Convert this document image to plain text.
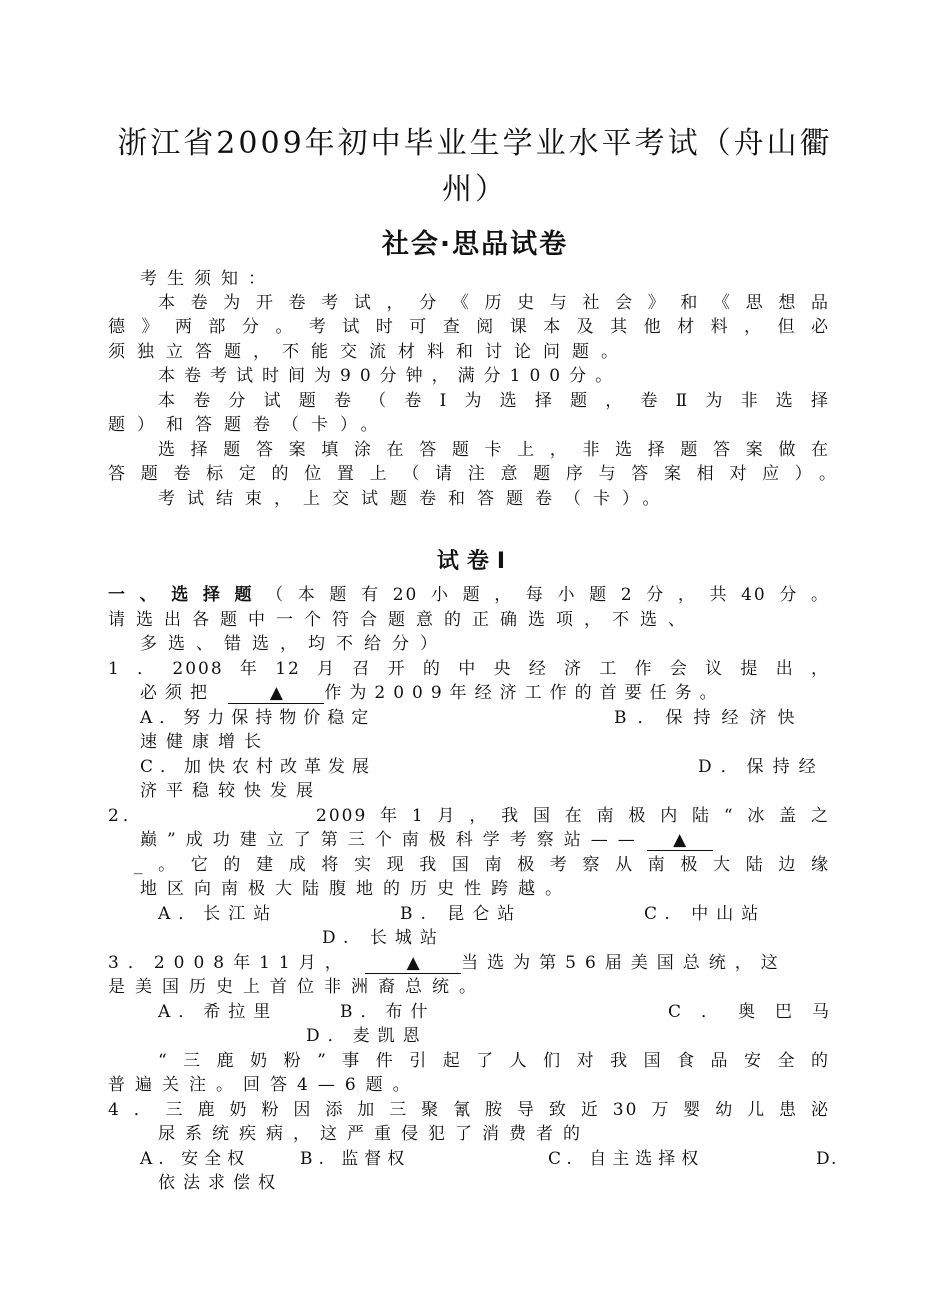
浙江省2009年初中毕业生学业水平考试（舟山衢
州）
社会·思品试卷
考生须知：
本卷为开卷考试，分《历史与社会》和《思想品
德》两部分。考试时可查阅课本及其他材料，但必
须独立答题，不能交流材料和讨论问题。
本卷考试时间为90分钟，满分100分。
本卷分试题卷（卷Ⅰ为选择题，卷Ⅱ为非选择
题）和答题卷（卡）。
选择题答案填涂在答题卡上，非选择题答案做在
答题卷标定的位置上（请注意题序与答案相对应）。
考试结束，上交试题卷和答题卷（卡）。
试卷Ⅰ
一、选择题（本题有20小题，每小题2分，共40分。
请选出各题中一个符合题意的正确选项，不选、
多选、错选，均不给分）
1．2008年12月召开的中央经济工作会议提出，
必须把	▲ 作为2009年经济工作的首要任务。
A．努力保持物价稳定	B．保持经济快
速健康增长
C．加快农村改革发展	D．保持经
济平稳较快发展
2．	2009年1月，我国在南极内陆“冰盖之
巅”成功建立了第三个南极科学考察站—— ▲
_。它的建成将实现我国南极考察从南极大陆边缘
地区向南极大陆腹地的历史性跨越。
A．长江站	B. 昆仑站	C. 中山站
D. 长城站
3．2008年11月，	▲ 当选为第56届美国总统，这
是美国历史上首位非洲裔总统。
A．希拉里	B．布什	C．奥巴马
D．麦凯恩
“三鹿奶粉”事件引起了人们对我国食品安全的
普遍关注。回答4—6题。
4．三鹿奶粉因添加三聚氰胺导致近30万婴幼儿患泌
尿系统疾病，这严重侵犯了消费者的
A. 安全权	B. 监督权	C. 自主选择权	D.
依法求偿权
